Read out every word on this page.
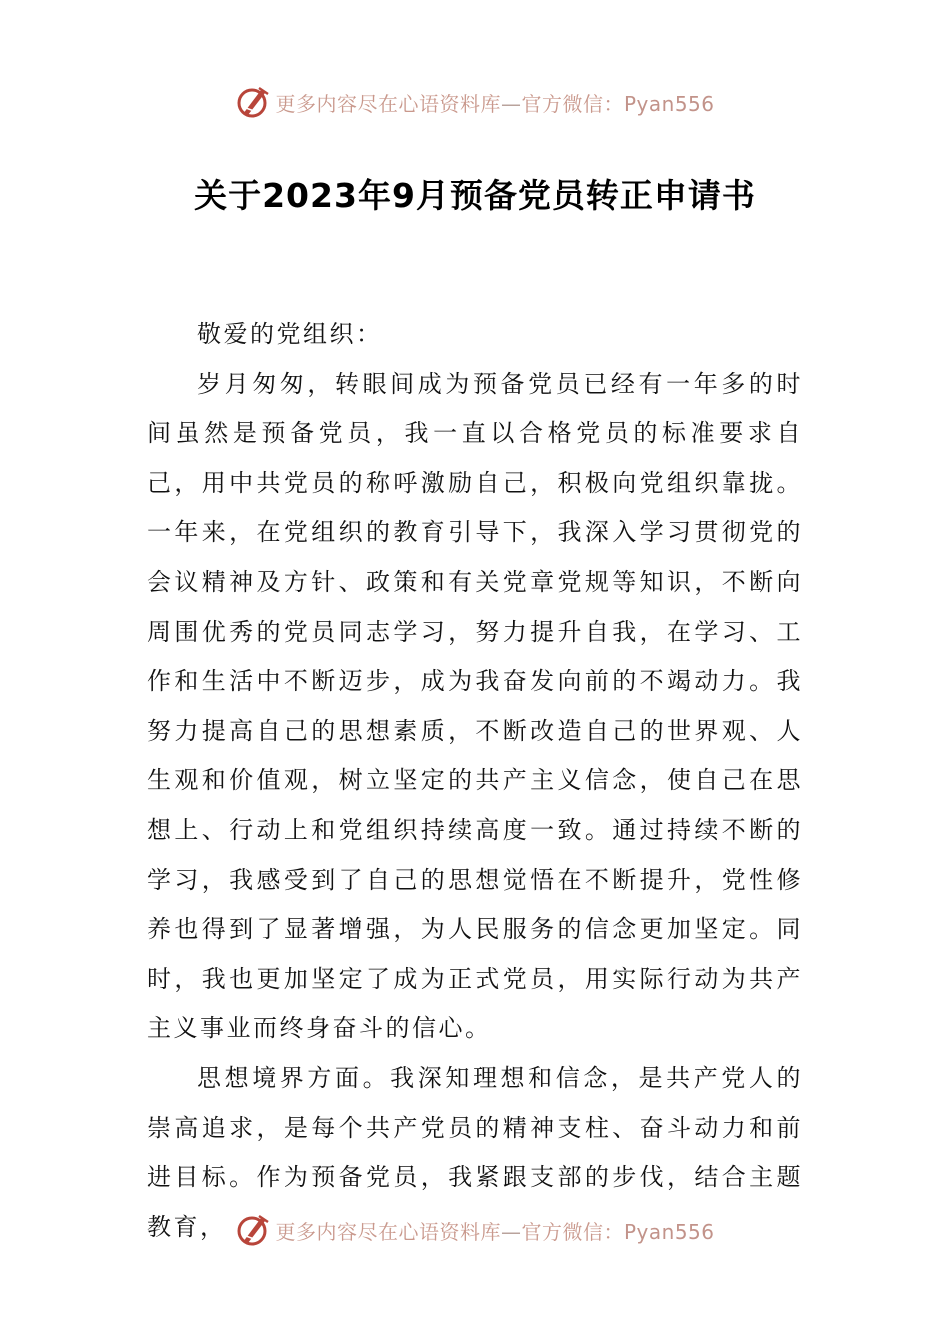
更多内容尽在心语资料库—官方微信：Pyan556
关于2023年9月预备党员转正申请书

敬爱的党组织：

岁月匆匆，转眼间成为预备党员已经有一年多的时间虽然是预备党员，我一直以合格党员的标准要求自己，用中共党员的称呼激励自己，积极向党组织靠拢。一年来，在党组织的教育引导下，我深入学习贯彻党的会议精神及方针、政策和有关党章党规等知识，不断向周围优秀的党员同志学习，努力提升自我，在学习、工作和生活中不断迈步，成为我奋发向前的不竭动力。我努力提高自己的思想素质，不断改造自己的世界观、人生观和价值观，树立坚定的共产主义信念，使自己在思想上、行动上和党组织持续高度一致。通过持续不断的学习，我感受到了自己的思想觉悟在不断提升，党性修养也得到了显著增强，为人民服务的信念更加坚定。同时，我也更加坚定了成为正式党员，用实际行动为共产主义事业而终身奋斗的信心。

思想境界方面。我深知理想和信念，是共产党人的崇高追求，是每个共产党员的精神支柱、奋斗动力和前进目标。作为预备党员，我紧跟支部的步伐，结合主题教育，	更多内容尽在心语资料库—官方微信：Pyan556
